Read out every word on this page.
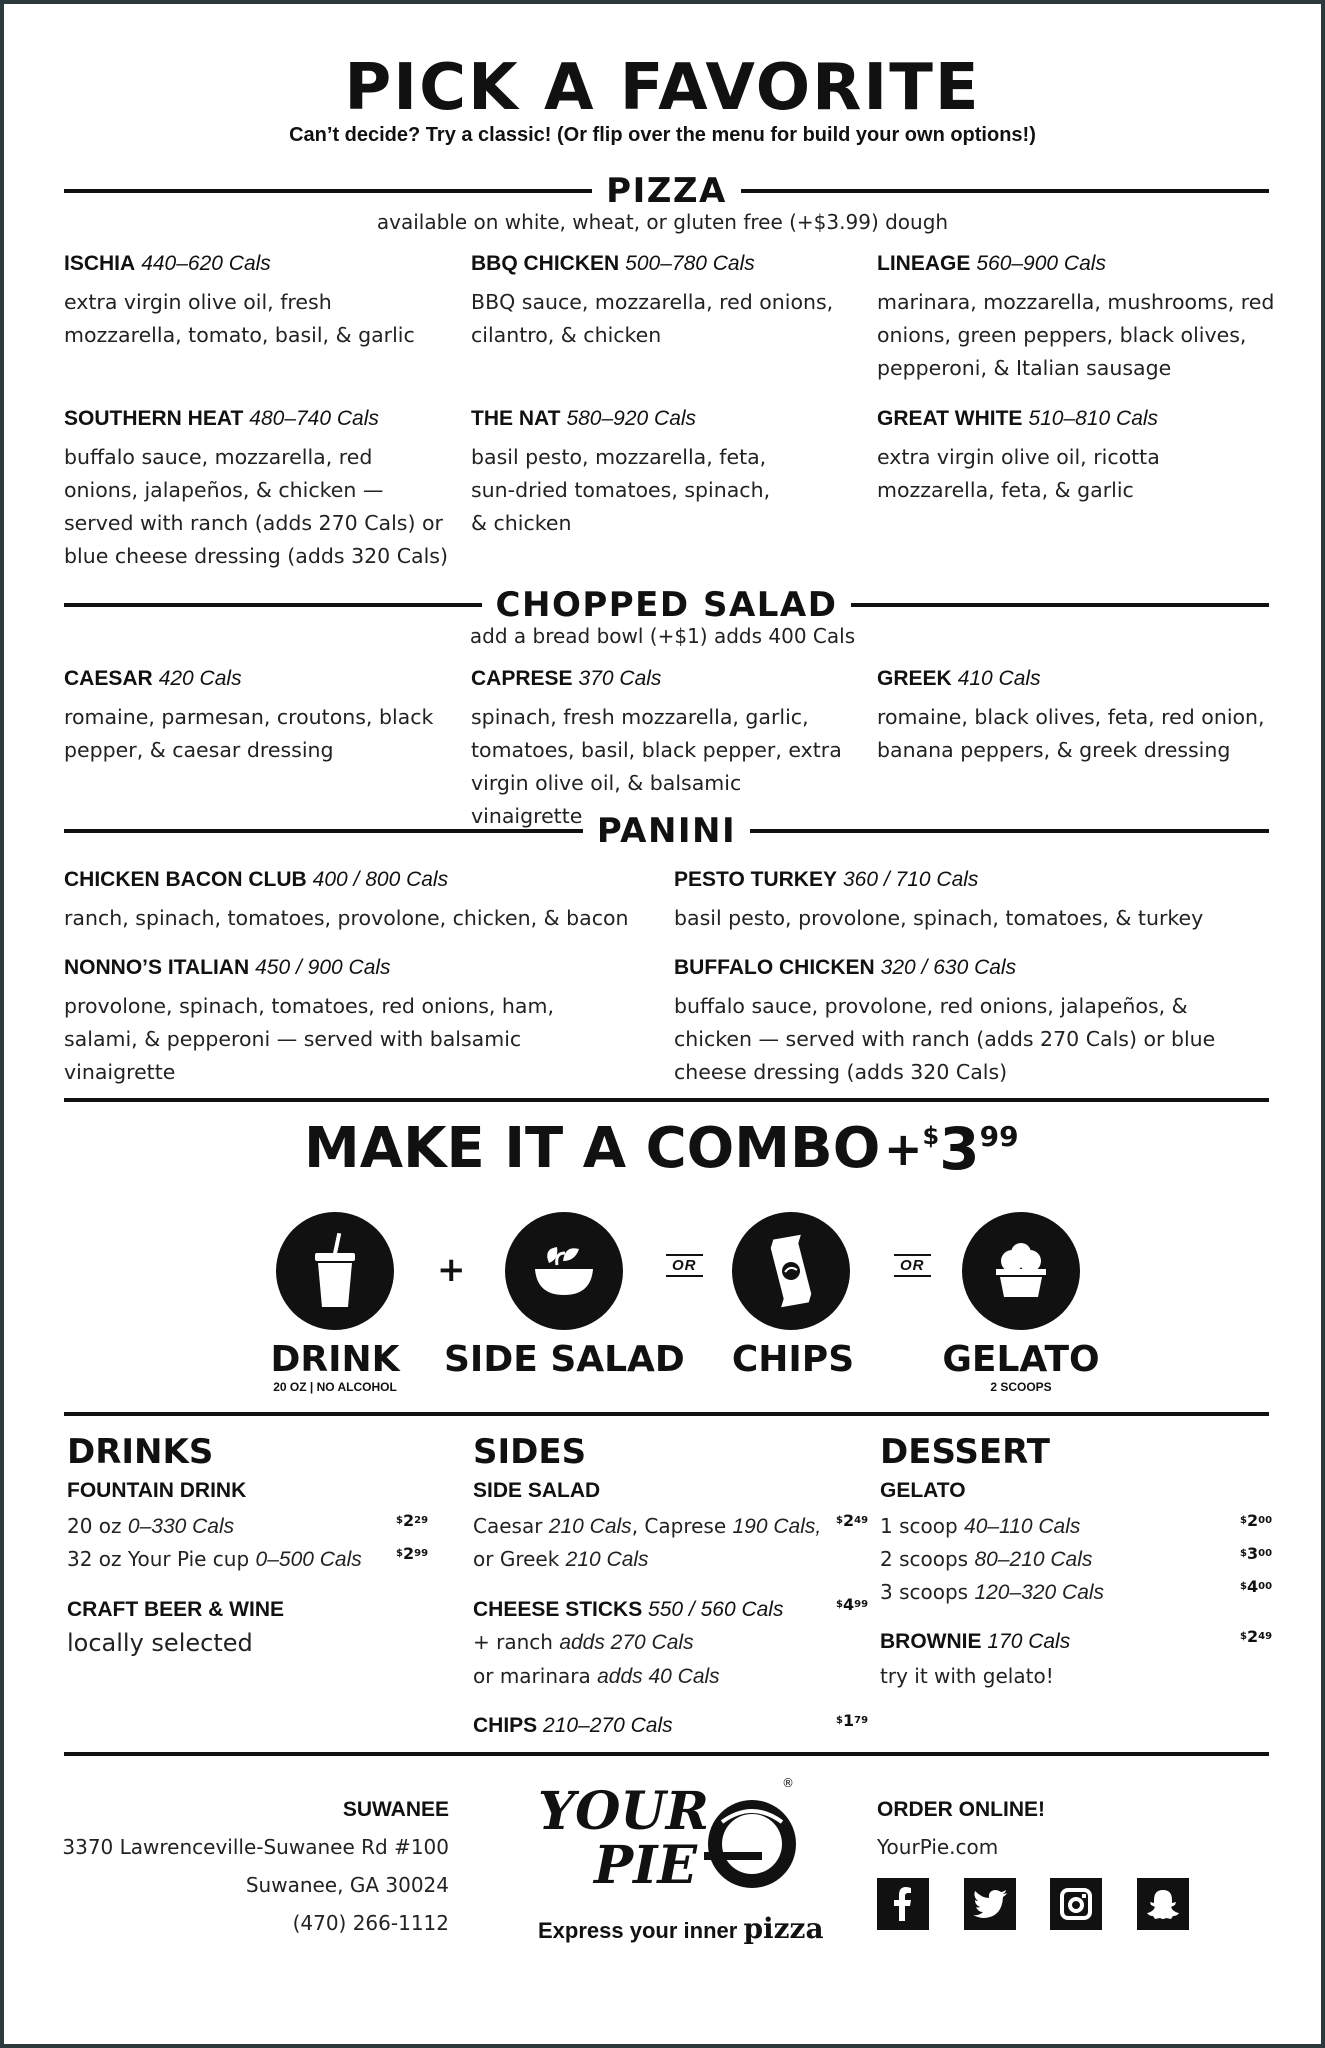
PICK A FAVORITE
Can’t decide? Try a classic! (Or flip over the menu for build your own options!)
PIZZA
available on white, wheat, or gluten free (+$3.99) dough
ISCHIA 440–620 Cals
extra virgin olive oil, fresh mozzarella, tomato, basil, & garlic
BBQ CHICKEN 500–780 Cals
BBQ sauce, mozzarella, red onions, cilantro, & chicken
LINEAGE 560–900 Cals
marinara, mozzarella, mushrooms, red onions, green peppers, black olives, pepperoni, & Italian sausage
SOUTHERN HEAT 480–740 Cals
buffalo sauce, mozzarella, red onions, jalapeños, & chicken — served with ranch (adds 270 Cals) or blue cheese dressing (adds 320 Cals)
THE NAT 580–920 Cals
basil pesto, mozzarella, feta, sun-dried tomatoes, spinach, & chicken
GREAT WHITE 510–810 Cals
extra virgin olive oil, ricotta mozzarella, feta, & garlic
CHOPPED SALAD
add a bread bowl (+$1) adds 400 Cals
CAESAR 420 Cals
romaine, parmesan, croutons, black pepper, & caesar dressing
CAPRESE 370 Cals
spinach, fresh mozzarella, garlic, tomatoes, basil, black pepper, extra virgin olive oil, & balsamic vinaigrette
GREEK 410 Cals
romaine, black olives, feta, red onion, banana peppers, & greek dressing
PANINI
CHICKEN BACON CLUB 400 / 800 Cals
ranch, spinach, tomatoes, provolone, chicken, & bacon
PESTO TURKEY 360 / 710 Cals
basil pesto, provolone, spinach, tomatoes, & turkey
NONNO’S ITALIAN 450 / 900 Cals
provolone, spinach, tomatoes, red onions, ham, salami, & pepperoni — served with balsamic vinaigrette
BUFFALO CHICKEN 320 / 630 Cals
buffalo sauce, provolone, red onions, jalapeños, & chicken — served with ranch (adds 270 Cals) or blue cheese dressing (adds 320 Cals)
MAKE IT A COMBO +$399
+	OR	OR
DRINK
20 OZ | NO ALCOHOL
SIDE SALAD	CHIPS	GELATO
2 SCOOPS
DRINKS
FOUNTAIN DRINK
20 oz 0–330 Cals	$^{\$}2^{29}$
32 oz Your Pie cup 0–500 Cals	$^{\$}2^{99}$
CRAFT BEER & WINE
locally selected
SIDES
SIDE SALAD
Caesar 210 Cals, Caprese 190 Cals,
or Greek 210 Cals
$^{\$}2^{49}$
CHEESE STICKS 550 / 560 Cals	$^{\$}4^{99}$
+ ranch adds 270 Cals
or marinara adds 40 Cals
CHIPS 210–270 Cals	$^{\$}1^{79}$
DESSERT
GELATO
1 scoop 40–110 Cals	$^{\$}2^{00}$
2 scoops 80–210 Cals	$^{\$}3^{00}$
3 scoops 120–320 Cals	$^{\$}4^{00}$
BROWNIE 170 Cals	$^{\$}2^{49}$
try it with gelato!
SUWANEE
3370 Lawrenceville-Suwanee Rd #100
Suwanee, GA 30024
(470) 266-1112
YOUR
PIE
®
Express your inner pizza
ORDER ONLINE!
YourPie.com
